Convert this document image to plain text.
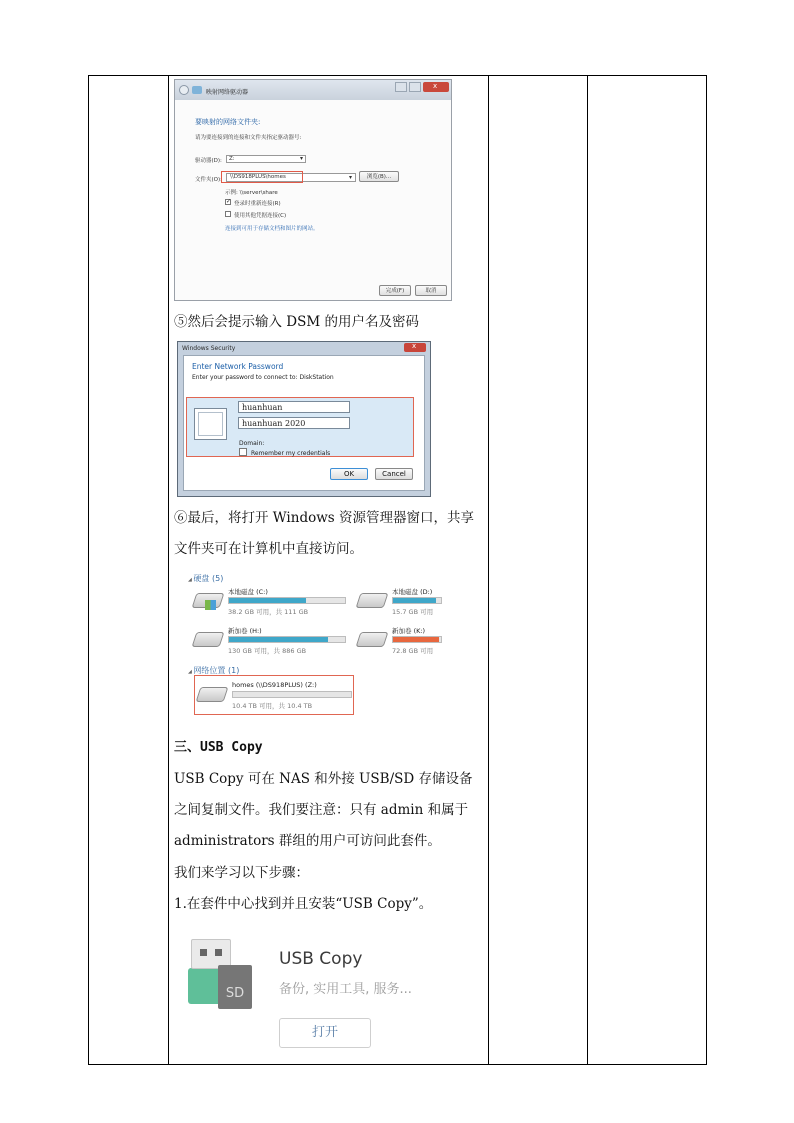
映射网络驱动器
x
要映射的网络文件夹:
请为要连接到的连接和文件夹指定驱动器号:
驱动器(D): Z:
▾
文件夹(O): \\DS918PLUS\homes
▾	浏览(B)...
示例: \\server\share
✓
登录时重新连接(R)
使用其他凭据连接(C)
连接到可用于存储文档和图片的网站。
完成(F)	取消
⑤然后会提示输入 DSM 的用户名及密码
Windows Security
x
Enter Network Password
Enter your password to connect to: DiskStation
huanhuan
huanhuan 2020
Domain:
Remember my credentials
OK	Cancel
⑥最后，将打开 Windows 资源管理器窗口，共享文件夹可在计算机中直接访问。
◢ 硬盘 (5)
本地磁盘 (C:)
38.2 GB 可用，共 111 GB
本地磁盘 (D:)
15.7 GB 可用
新加卷 (H:)
130 GB 可用，共 886 GB
新加卷 (K:)
72.8 GB 可用
◢ 网络位置 (1)
homes (\\DS918PLUS) (Z:)
10.4 TB 可用，共 10.4 TB
三、USB Copy
USB Copy 可在 NAS 和外接 USB/SD 存储设备之间复制文件。我们要注意：只有 admin 和属于 administrators 群组的用户可访问此套件。
我们来学习以下步骤：
1.在套件中心找到并且安装“USB Copy”。
SD
USB Copy
备份, 实用工具, 服务...
打开
